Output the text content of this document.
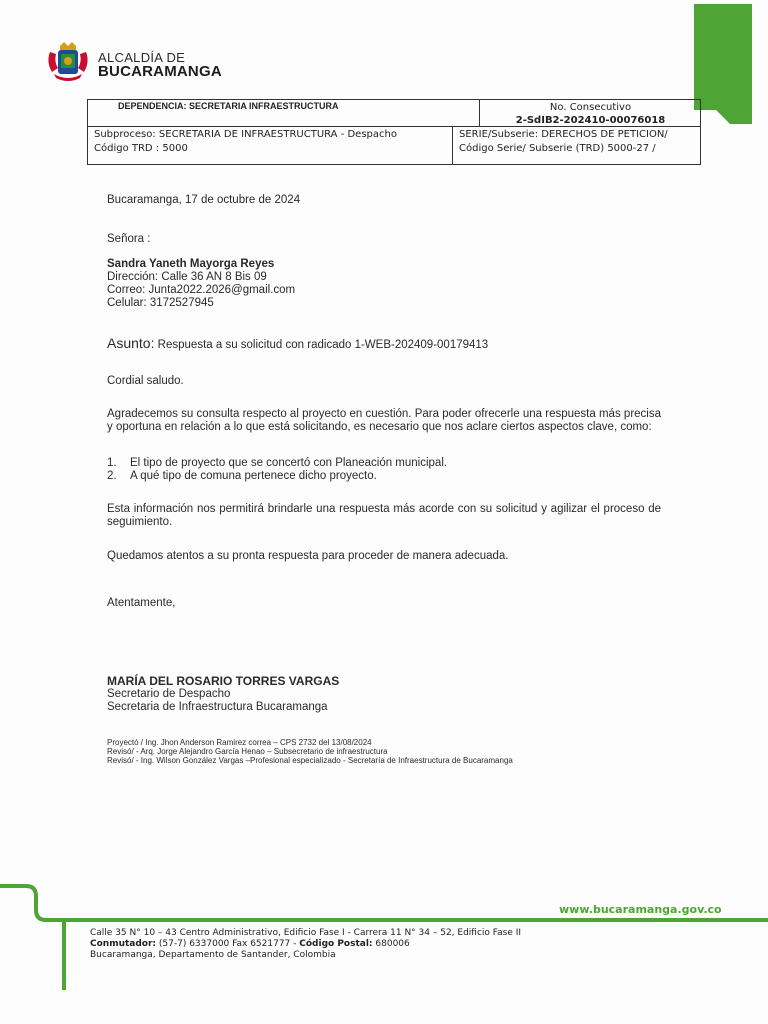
ALCALDÍA DE
BUCARAMANGA
DEPENDENCIA: SECRETARIA INFRAESTRUCTURA	No. Consecutivo
2-SdIB2-202410-00076018
Subproceso: SECRETARIA DE INFRAESTRUCTURA - Despacho
Código TRD : 5000
SERIE/Subserie: DERECHOS DE PETICION/
Código Serie/ Subserie (TRD) 5000-27 /
Bucaramanga, 17 de octubre de 2024
Señora :
Sandra Yaneth Mayorga Reyes
Dirección: Calle 36 AN 8 Bis 09
Correo: Junta2022.2026@gmail.com
Celular: 3172527945
Asunto: Respuesta a su solicitud con radicado 1-WEB-202409-00179413
Cordial saludo.
Agradecemos su consulta respecto al proyecto en cuestión. Para poder ofrecerle una respuesta más precisa y oportuna en relación a lo que está solicitando, es necesario que nos aclare ciertos aspectos clave, como:
1. El tipo de proyecto que se concertó con Planeación municipal.
2. A qué tipo de comuna pertenece dicho proyecto.
Esta información nos permitirá brindarle una respuesta más acorde con su solicitud y agilizar el proceso de seguimiento.
Quedamos atentos a su pronta respuesta para proceder de manera adecuada.
Atentamente,
MARÍA DEL ROSARIO TORRES VARGAS
Secretario de Despacho
Secretaria de Infraestructura Bucaramanga
Proyectó / Ing. Jhon Anderson Ramirez correa – CPS 2732 del 13/08/2024
Revisó/ - Arq. Jorge Alejandro García Henao – Subsecretario de infraestructura
Revisó/ - Ing. Wilson González Vargas –Profesional especializado - Secretaría de Infraestructura de Bucaramanga
www.bucaramanga.gov.co
Calle 35 N° 10 – 43 Centro Administrativo, Edificio Fase I - Carrera 11 N° 34 – 52, Edificio Fase II
Conmutador: (57-7) 6337000 Fax 6521777 - Código Postal: 680006
Bucaramanga, Departamento de Santander, Colombia
